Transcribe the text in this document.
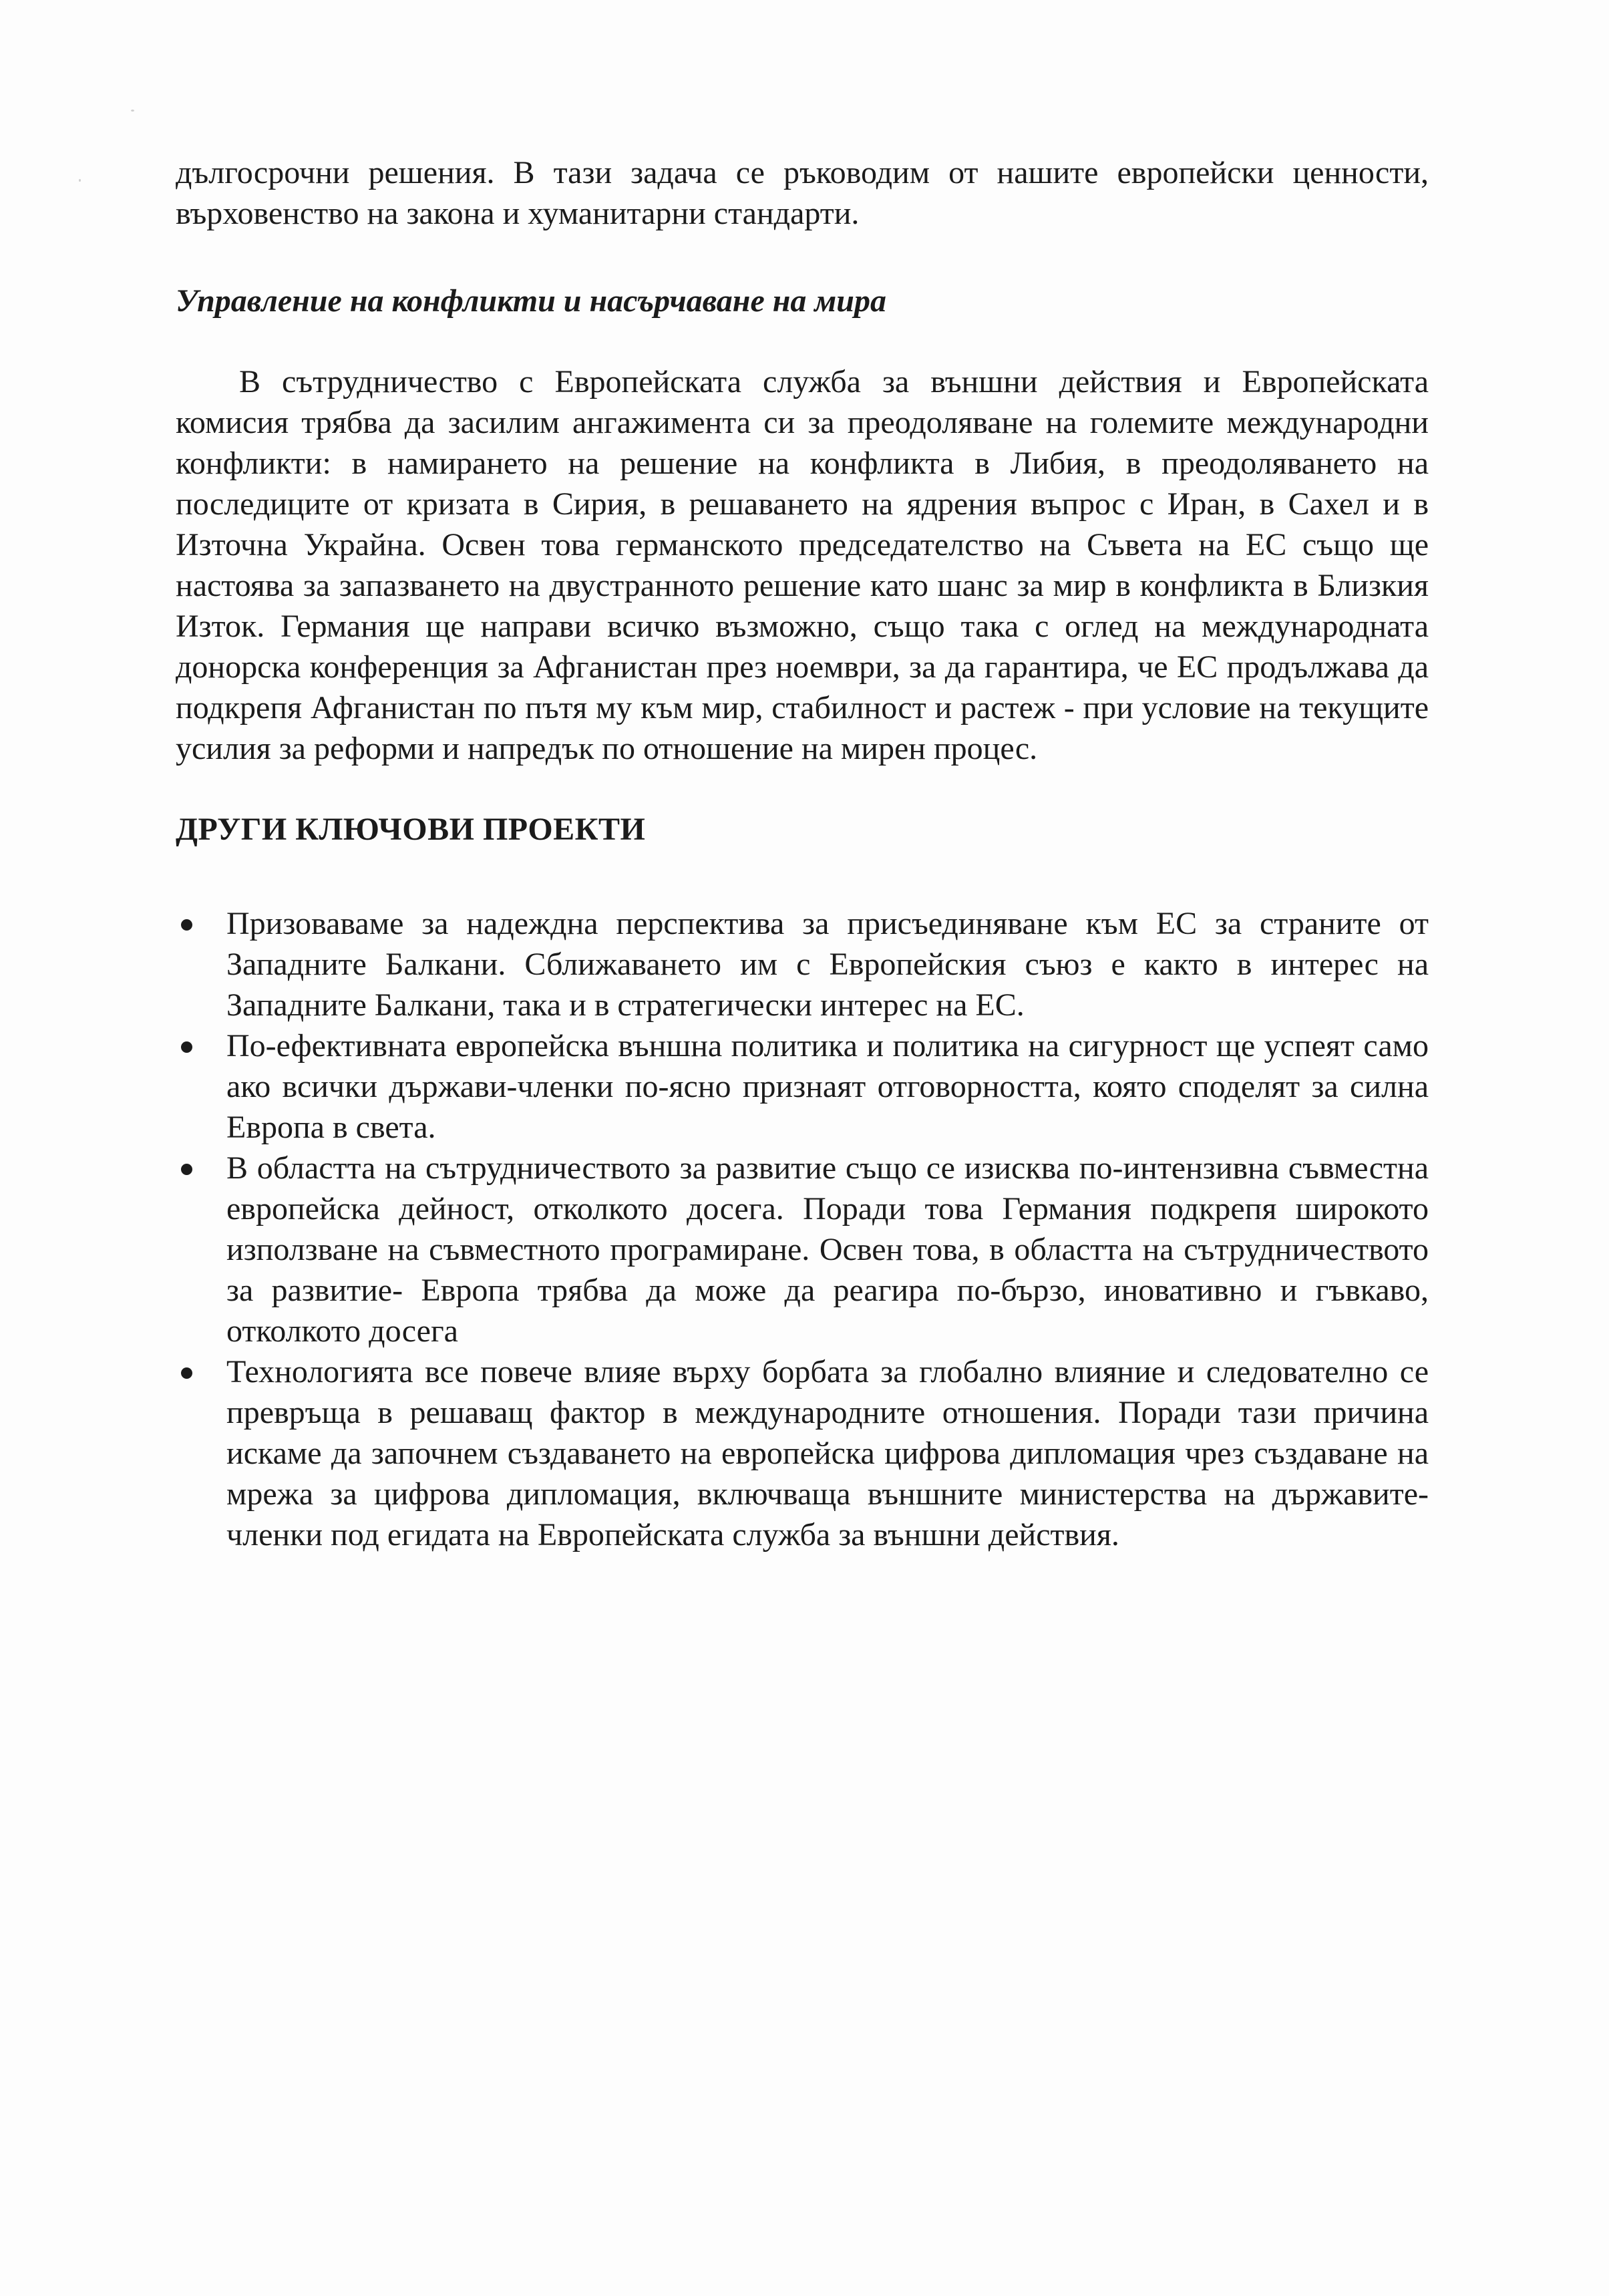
дългосрочни решения. В тази задача се ръководим от нашите европейски ценности, върховенство на закона и хуманитарни стандарти.

Управление на конфликти и насърчаване на мира

В сътрудничество с Европейската служба за външни действия и Европейската комисия трябва да засилим ангажимента си за преодоляване на големите международни конфликти: в намирането на решение на конфликта в Либия, в преодоляването на последиците от кризата в Сирия, в решаването на ядрения въпрос с Иран, в Сахел и в Източна Украйна. Освен това германското председателство на Съвета на ЕС също ще настоява за запазването на двустранното решение като шанс за мир в конфликта в Близкия Изток. Германия ще направи всичко възможно, също така с оглед на международната донорска конференция за Афганистан през ноември, за да гарантира, че ЕС продължава да подкрепя Афганистан по пътя му към мир, стабилност и растеж - при условие на текущите усилия за реформи и напредък по отношение на мирен процес.

ДРУГИ КЛЮЧОВИ ПРОЕКТИ

Призоваваме за надеждна перспектива за присъединяване към ЕС за страните от Западните Балкани. Сближаването им с Европейския съюз е както в интерес на Западните Балкани, така и в стратегически интерес на ЕС.
По-ефективната европейска външна политика и политика на сигурност ще успеят само ако всички държави-членки по-ясно признаят отговорността, която споделят за силна Европа в света.
В областта на сътрудничеството за развитие също се изисква по-интензивна съвместна европейска дейност, отколкото досега. Поради това Германия подкрепя широкото използване на съвместното програмиране. Освен това, в областта на сътрудничеството за развитие- Европа трябва да може да реагира по-бързо, иновативно и гъвкаво, отколкото досега
Технологията все повече влияе върху борбата за глобално влияние и следователно се превръща в решаващ фактор в международните отношения. Поради тази причина искаме да започнем създаването на европейска цифрова дипломация чрез създаване на мрежа за цифрова дипломация, включваща външните министерства на държавите-членки под егидата на Европейската служба за външни действия.
